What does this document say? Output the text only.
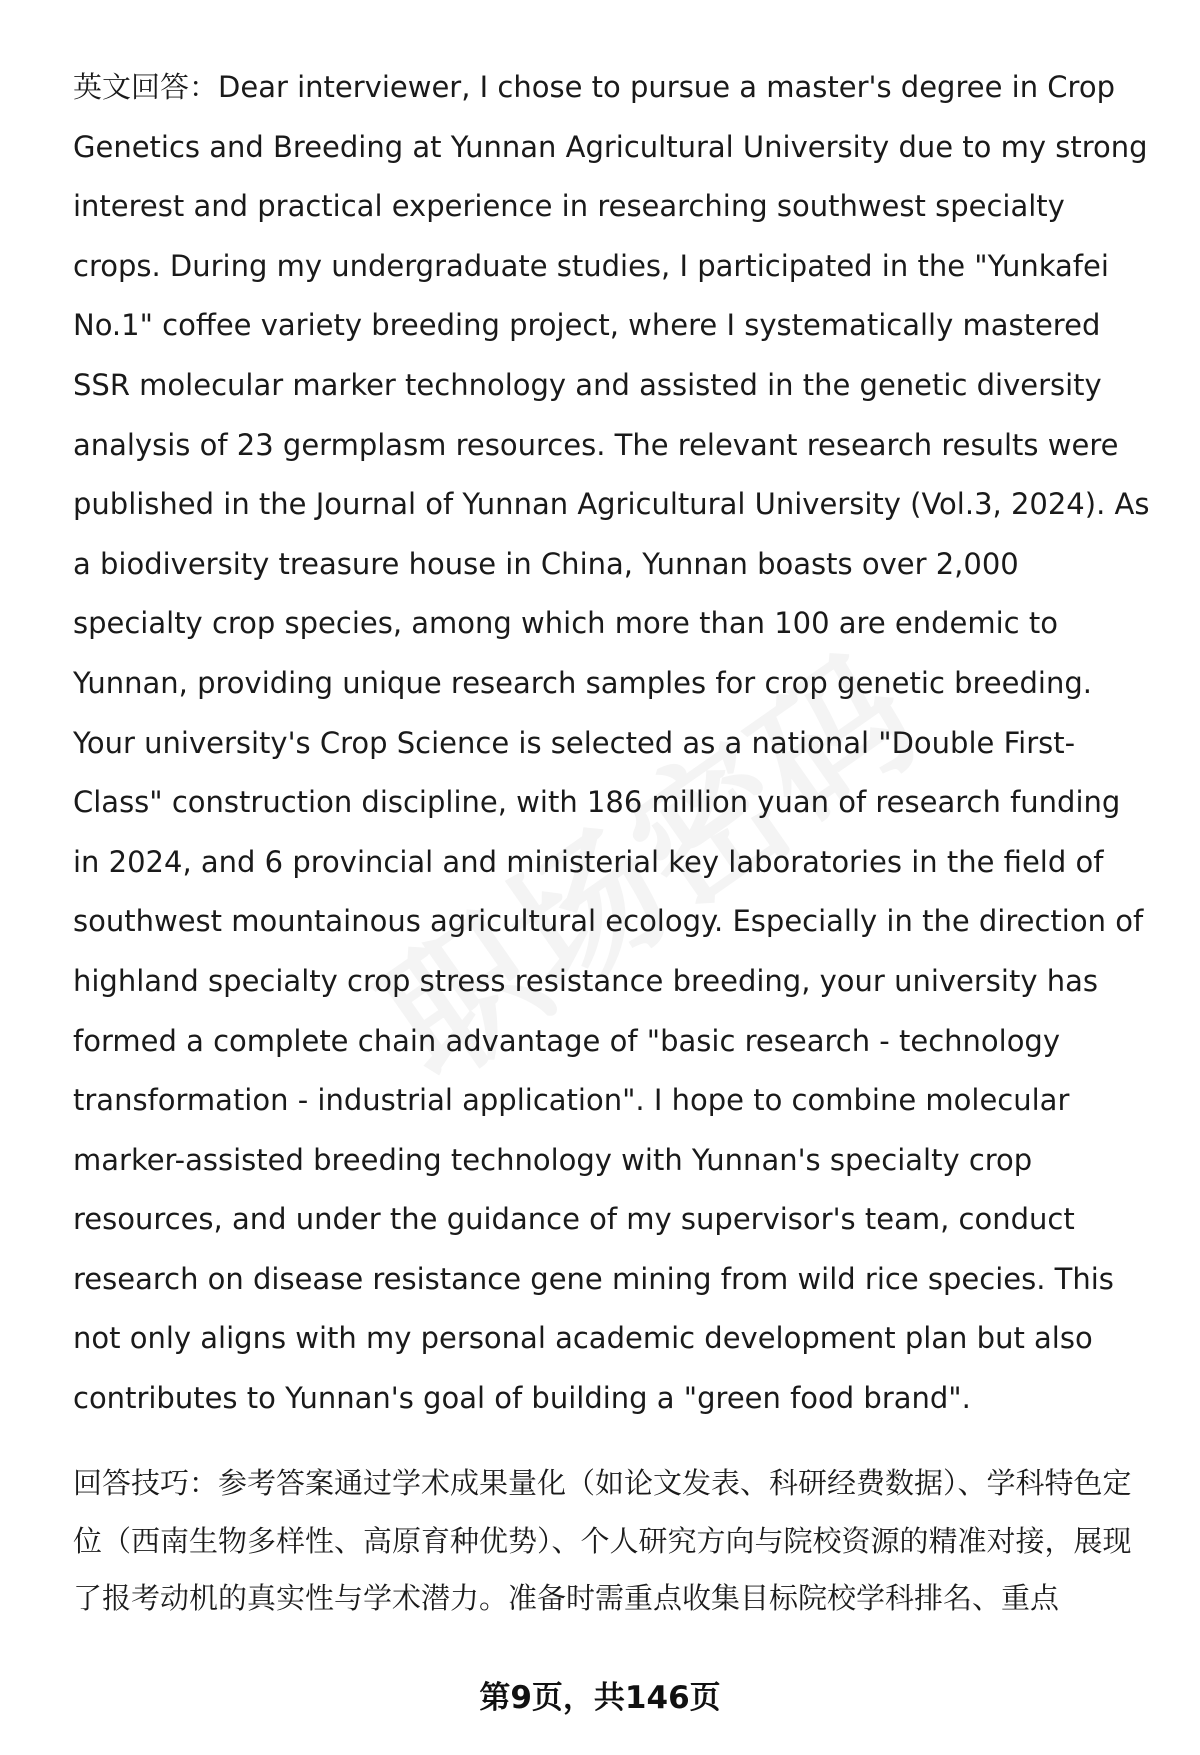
英文回答：Dear interviewer, I chose to pursue a master's degree in Crop Genetics and Breeding at Yunnan Agricultural University due to my strong interest and practical experience in researching southwest specialty crops. During my undergraduate studies, I participated in the "Yunkafei No.1" coffee variety breeding project, where I systematically mastered SSR molecular marker technology and assisted in the genetic diversity analysis of 23 germplasm resources. The relevant research results were published in the Journal of Yunnan Agricultural University (Vol.3, 2024). As a biodiversity treasure house in China, Yunnan boasts over 2,000 specialty crop species, among which more than 100 are endemic to Yunnan, providing unique research samples for crop genetic breeding. Your university's Crop Science is selected as a national "Double First-Class" construction discipline, with 186 million yuan of research funding in 2024, and 6 provincial and ministerial key laboratories in the field of southwest mountainous agricultural ecology. Especially in the direction of highland specialty crop stress resistance breeding, your university has formed a complete chain advantage of "basic research - technology transformation - industrial application". I hope to combine molecular marker-assisted breeding technology with Yunnan's specialty crop resources, and under the guidance of my supervisor's team, conduct research on disease resistance gene mining from wild rice species. This not only aligns with my personal academic development plan but also contributes to Yunnan's goal of building a "green food brand".

回答技巧：参考答案通过学术成果量化（如论文发表、科研经费数据）、学科特色定位（西南生物多样性、高原育种优势）、个人研究方向与院校资源的精准对接，展现了报考动机的真实性与学术潜力。准备时需重点收集目标院校学科排名、重点

第9页，共146页
